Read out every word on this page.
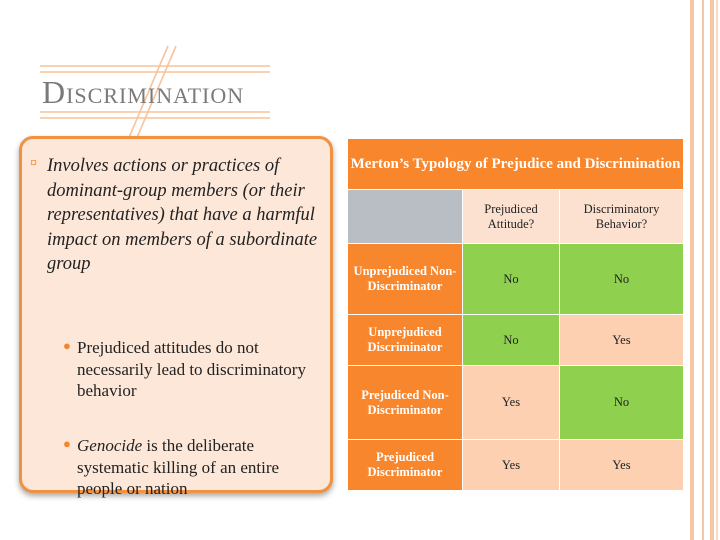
Discrimination
¤ Involves actions or practices of dominant-group members (or their representatives) that have a harmful impact on members of a subordinate group
● Prejudiced attitudes do not necessarily lead to discriminatory behavior
● Genocide is the deliberate systematic killing of an entire people or nation
Merton’s Typology of Prejudice and Discrimination		
	Prejudiced Attitude?	Discriminatory Behavior?
Unprejudiced Non-Discriminator	No	No
Unprejudiced Discriminator	No	Yes
Prejudiced Non-Discriminator	Yes	No
Prejudiced Discriminator	Yes	Yes
